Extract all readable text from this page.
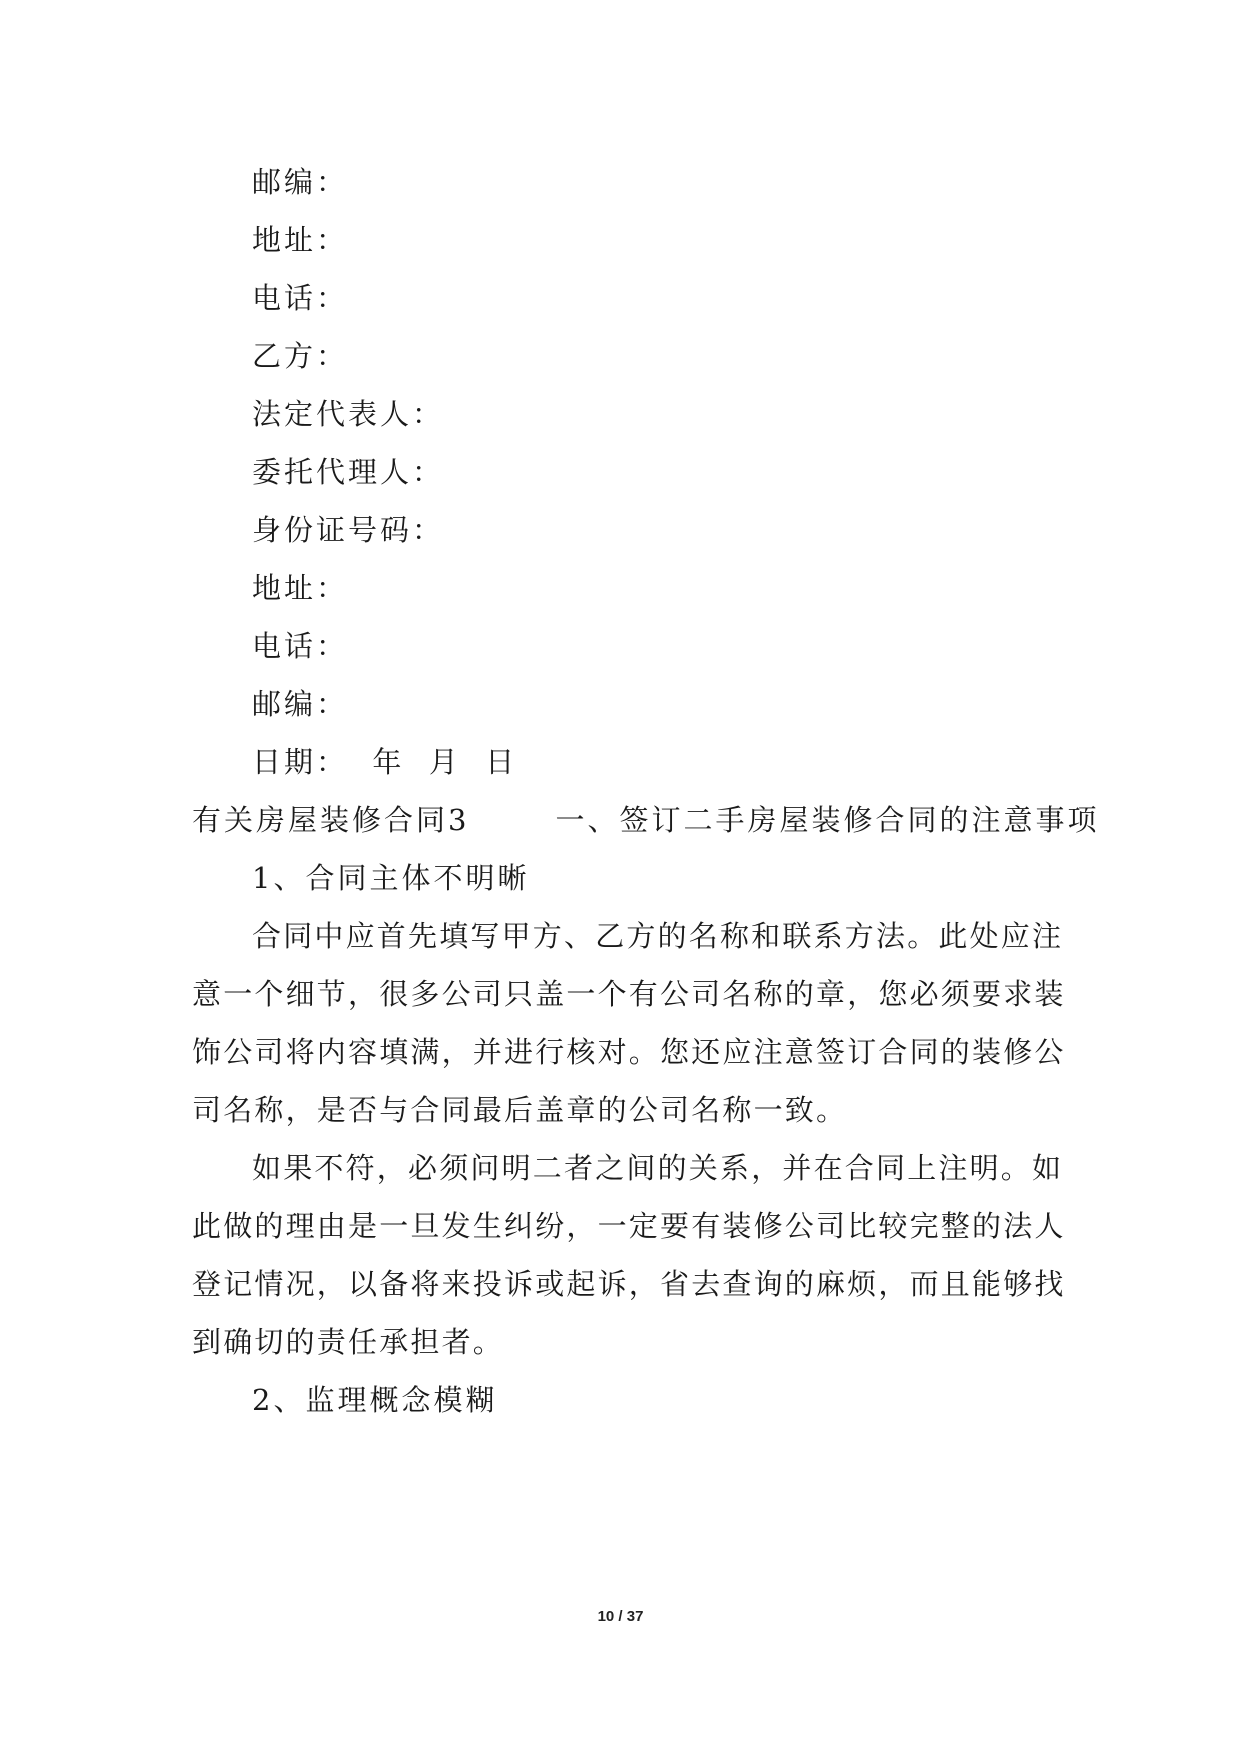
邮编：
地址：
电话：
乙方：
法定代表人：
委托代理人：
身份证号码：
地址：
电话：
邮编：
日期：  年  月  日
有关房屋装修合同3	一、签订二手房屋装修合同的注意事项
1、合同主体不明晰
合同中应首先填写甲方、乙方的名称和联系方法。此处应注
意一个细节，很多公司只盖一个有公司名称的章，您必须要求装
饰公司将内容填满，并进行核对。您还应注意签订合同的装修公
司名称，是否与合同最后盖章的公司名称一致。
如果不符，必须问明二者之间的关系，并在合同上注明。如
此做的理由是一旦发生纠纷，一定要有装修公司比较完整的法人
登记情况，以备将来投诉或起诉，省去查询的麻烦，而且能够找
到确切的责任承担者。
2、监理概念模糊
10 / 37
